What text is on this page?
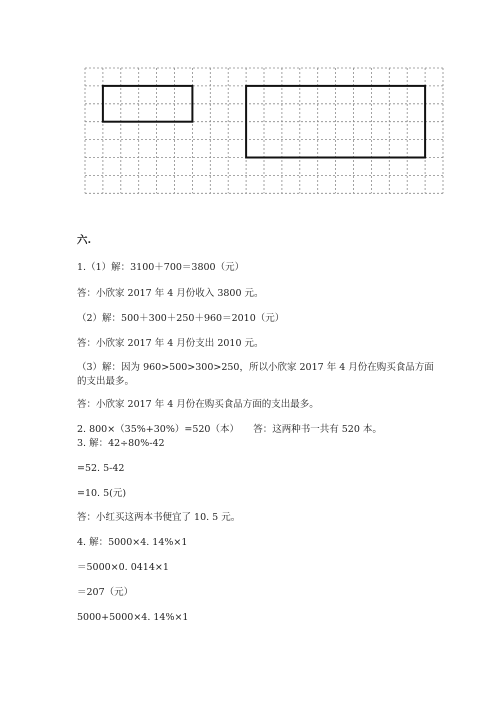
六.
1.（1）解：3100＋700＝3800（元）
答：小欣家 2017 年 4 月份收入 3800 元。
（2）解：500＋300＋250＋960＝2010（元）
答：小欣家 2017 年 4 月份支出 2010 元。
（3）解：因为 960>500>300>250，所以小欣家 2017 年 4 月份在购买食品方面
的支出最多。
答：小欣家 2017 年 4 月份在购买食品方面的支出最多。
2. 800×（35%+30%）=520（本）　　答：这两种书一共有 520 本。
3. 解：42÷80%-42
=52. 5-42
=10. 5(元)
答：小红买这两本书便宜了 10. 5 元。
4. 解：5000×4. 14%×1
＝5000×0. 0414×1
＝207（元）
5000+5000×4. 14%×1
